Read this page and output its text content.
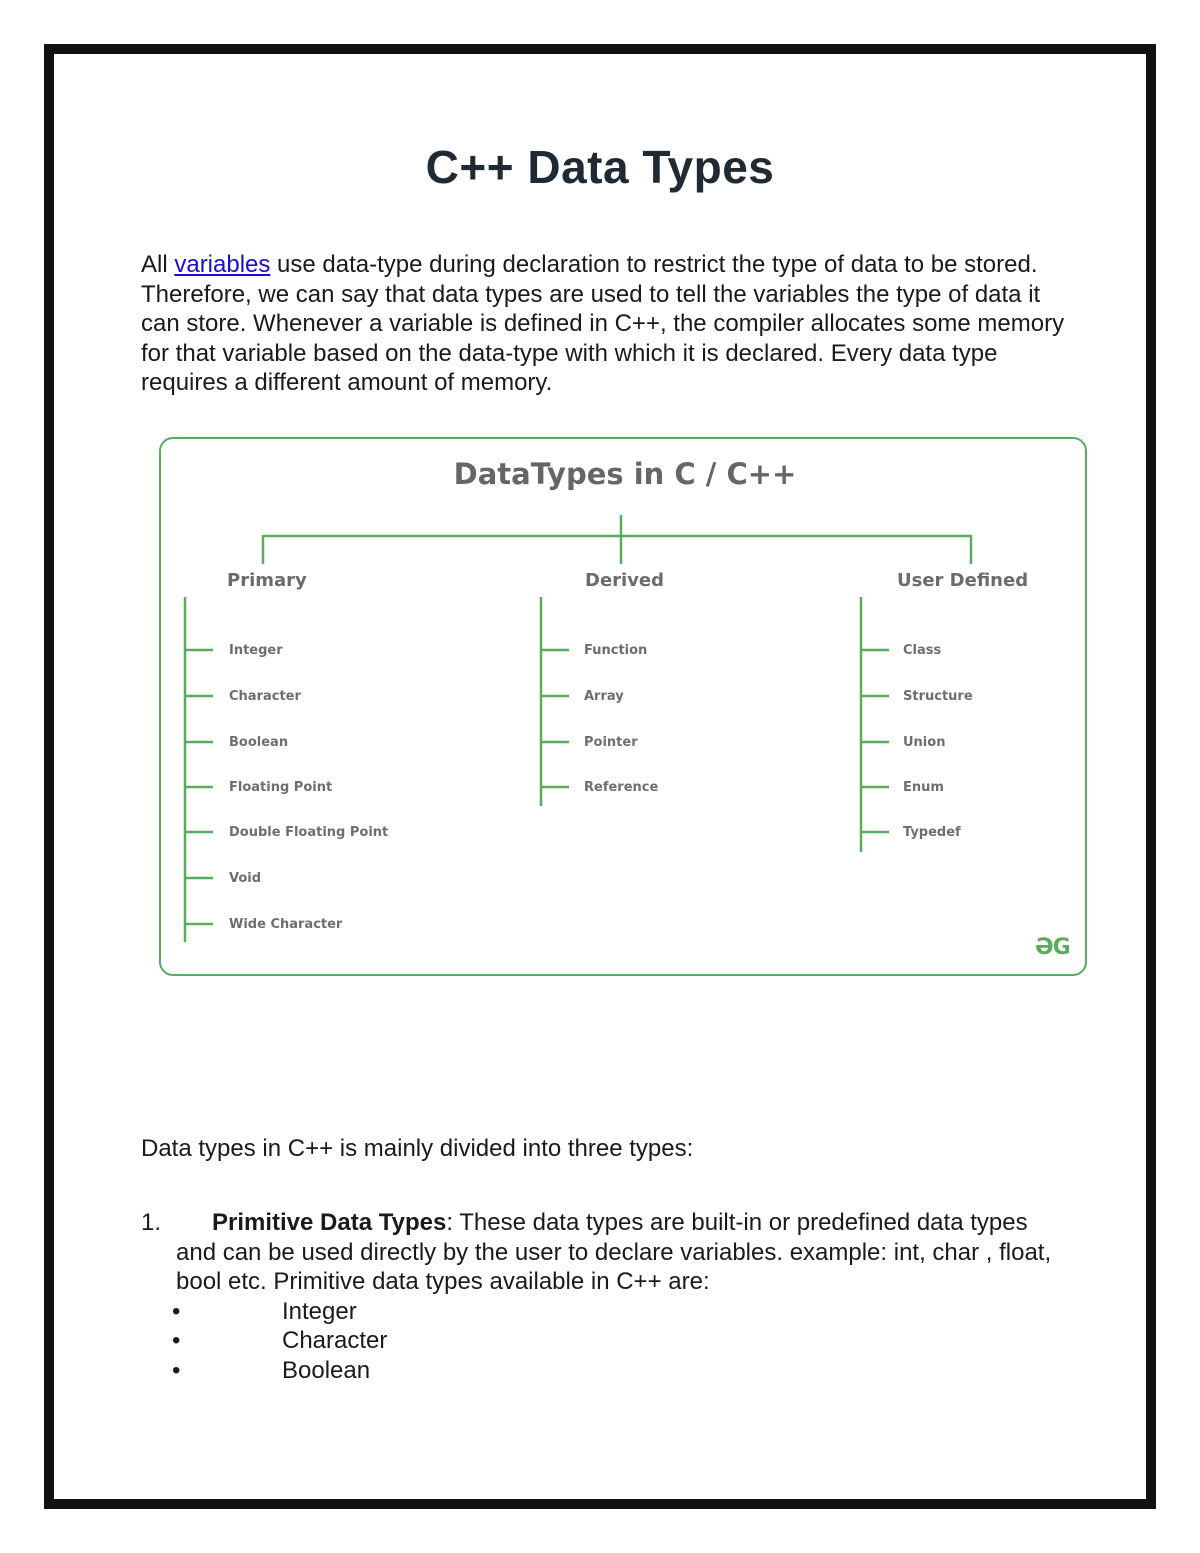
C++ Data Types

All variables use data-type during declaration to restrict the type of data to be stored. Therefore, we can say that data types are used to tell the variables the type of data it can store. Whenever a variable is defined in C++, the compiler allocates some memory for that variable based on the data-type with which it is declared. Every data type requires a different amount of memory.

DataTypes in C / C++
Primary	Derived	User Defined
Integer
Character
Boolean
Floating Point
Double Floating Point
Void
Wide Character
Function
Array
Pointer
Reference
Class
Structure
Union
Enum
Typedef
ƏG

Data types in C++ is mainly divided into three types:

1.	Primitive Data Types: These data types are built-in or predefined data types and can be used directly by the user to declare variables. example: int, char , float, bool etc. Primitive data types available in C++ are:
•	Integer
•	Character
•	Boolean
